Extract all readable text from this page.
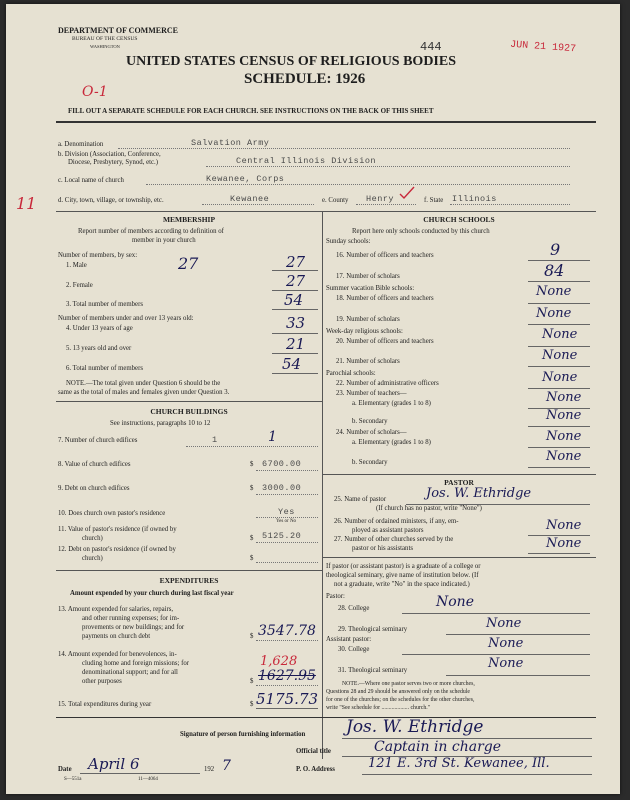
DEPARTMENT OF COMMERCE
BUREAU OF THE CENSUS
WASHINGTON
UNITED STATES CENSUS OF RELIGIOUS BODIES
SCHEDULE: 1926
444	JUN 21 1927
O-1
11
FILL OUT A SEPARATE SCHEDULE FOR EACH CHURCH. SEE INSTRUCTIONS ON THE BACK OF THIS SHEET
a. Denomination	Salvation Army
b. Division (Association, Conference,
Diocese, Presbytery, Synod, etc.)	Central Illinois Division
c. Local name of church	Kewanee, Corps
d. City, town, village, or township, etc.	Kewanee	e. County Henry	f. State Illinois
MEMBERSHIP
Report number of members according to definition of
member in your church
Number of members, by sex:
1. Male	27	27
2. Female	27
3. Total number of members	54
Number of members under and over 13 years old:
4. Under 13 years of age	33
5. 13 years old and over	21
6. Total number of members	54
NOTE.—The total given under Question 6 should be the
same as the total of males and females given under Question 3.
CHURCH BUILDINGS
See instructions, paragraphs 10 to 12
7. Number of church edifices	1	1
8. Value of church edifices	$ 6700.00
9. Debt on church edifices	$ 3000.00
10. Does church own pastor's residence	Yes
Yes or No
11. Value of pastor's residence (if owned by
church)	$ 5125.20
12. Debt on pastor's residence (if owned by
church)	$
EXPENDITURES
Amount expended by your church during last fiscal year
13. Amount expended for salaries, repairs,
and other running expenses; for im-
provements or new buildings; and for
payments on church debt	$ 3547.78
14. Amount expended for benevolences, in-
cluding home and foreign missions; for
denominational support; and for all
other purposes
1,628
$ 1627.95
15. Total expenditures during year	$ 5175.73
CHURCH SCHOOLS
Report here only schools conducted by this church
Sunday schools:
16. Number of officers and teachers	9
17. Number of scholars	84
Summer vacation Bible schools:
18. Number of officers and teachers	None
19. Number of scholars	None
Week-day religious schools:
20. Number of officers and teachers	None
21. Number of scholars	None
Parochial schools:
22. Number of administrative officers	None
23. Number of teachers—
a. Elementary (grades 1 to 8)	None
b. Secondary	None
24. Number of scholars—
a. Elementary (grades 1 to 8)	None
b. Secondary	None
PASTOR
25. Name of pastor	Jos. W. Ethridge
(If church has no pastor, write "None")
26. Number of ordained ministers, if any, em-
ployed as assistant pastors	None
27. Number of other churches served by the
pastor or his assistants	None
If pastor (or assistant pastor) is a graduate of a college or
theological seminary, give name of institution below. (If
not a graduate, write "No" in the space indicated.)
Pastor:
28. College	None
29. Theological seminary	None
Assistant pastor:
30. College	None
31. Theological seminary	None
NOTE.—Where one pastor serves two or more churches,
Questions 28 and 29 should be answered only on the schedule
for one of the churches; on the schedules for the other churches,
write "See schedule for ................... church."
Signature of person furnishing information Jos. W. Ethridge
Official title	Captain in charge
Date April 6	192 7	P. O. Address	121 E. 3rd St. Kewanee, Ill.
S—551a	11—4064
